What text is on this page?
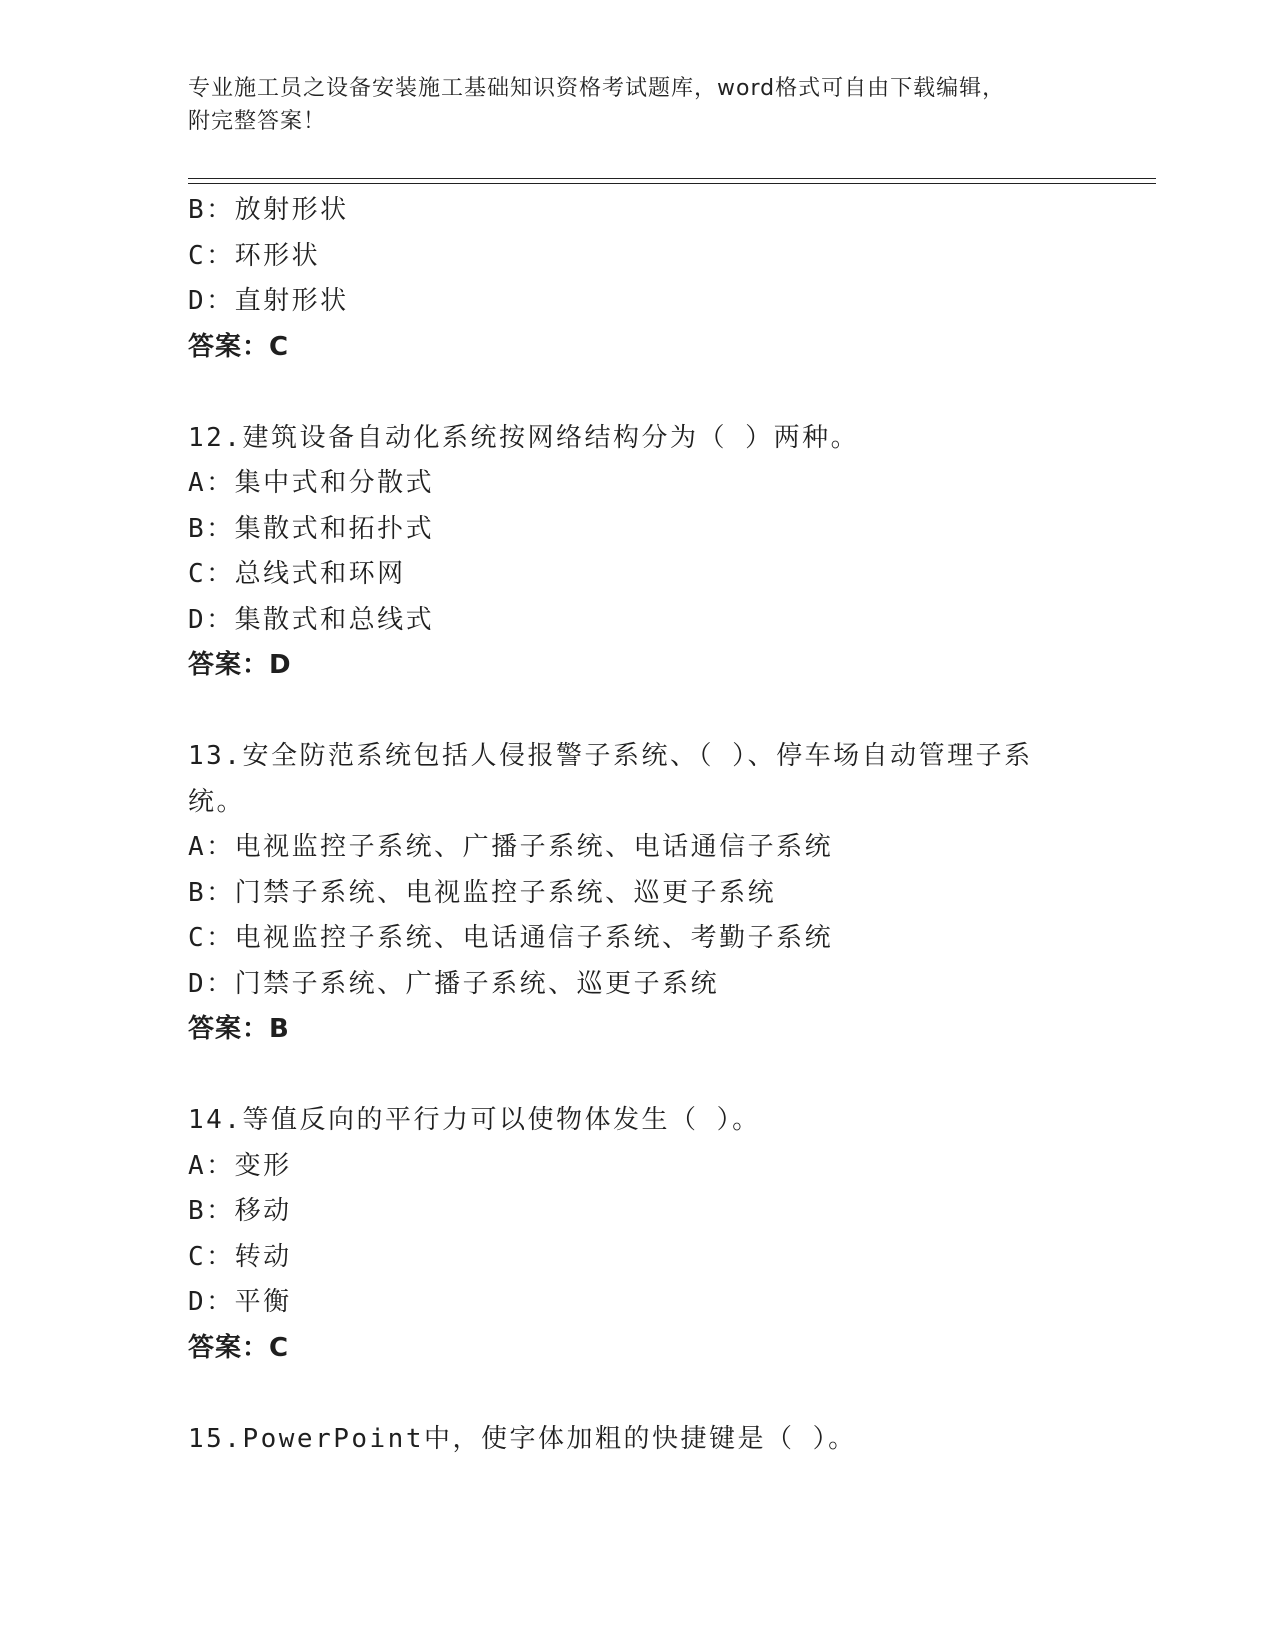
专业施工员之设备安装施工基础知识资格考试题库，word格式可自由下载编辑，
附完整答案！
B：放射形状
C：环形状
D：直射形状
答案：C
12.建筑设备自动化系统按网络结构分为（ ）两种。
A：集中式和分散式
B：集散式和拓扑式
C：总线式和环网
D：集散式和总线式
答案：D
13.安全防范系统包括人侵报警子系统、（ ）、停车场自动管理子系
统。
A：电视监控子系统、广播子系统、电话通信子系统
B：门禁子系统、电视监控子系统、巡更子系统
C：电视监控子系统、电话通信子系统、考勤子系统
D：门禁子系统、广播子系统、巡更子系统
答案：B
14.等值反向的平行力可以使物体发生（ ）。
A：变形
B：移动
C：转动
D：平衡
答案：C
15.PowerPoint中，使字体加粗的快捷键是（ ）。
